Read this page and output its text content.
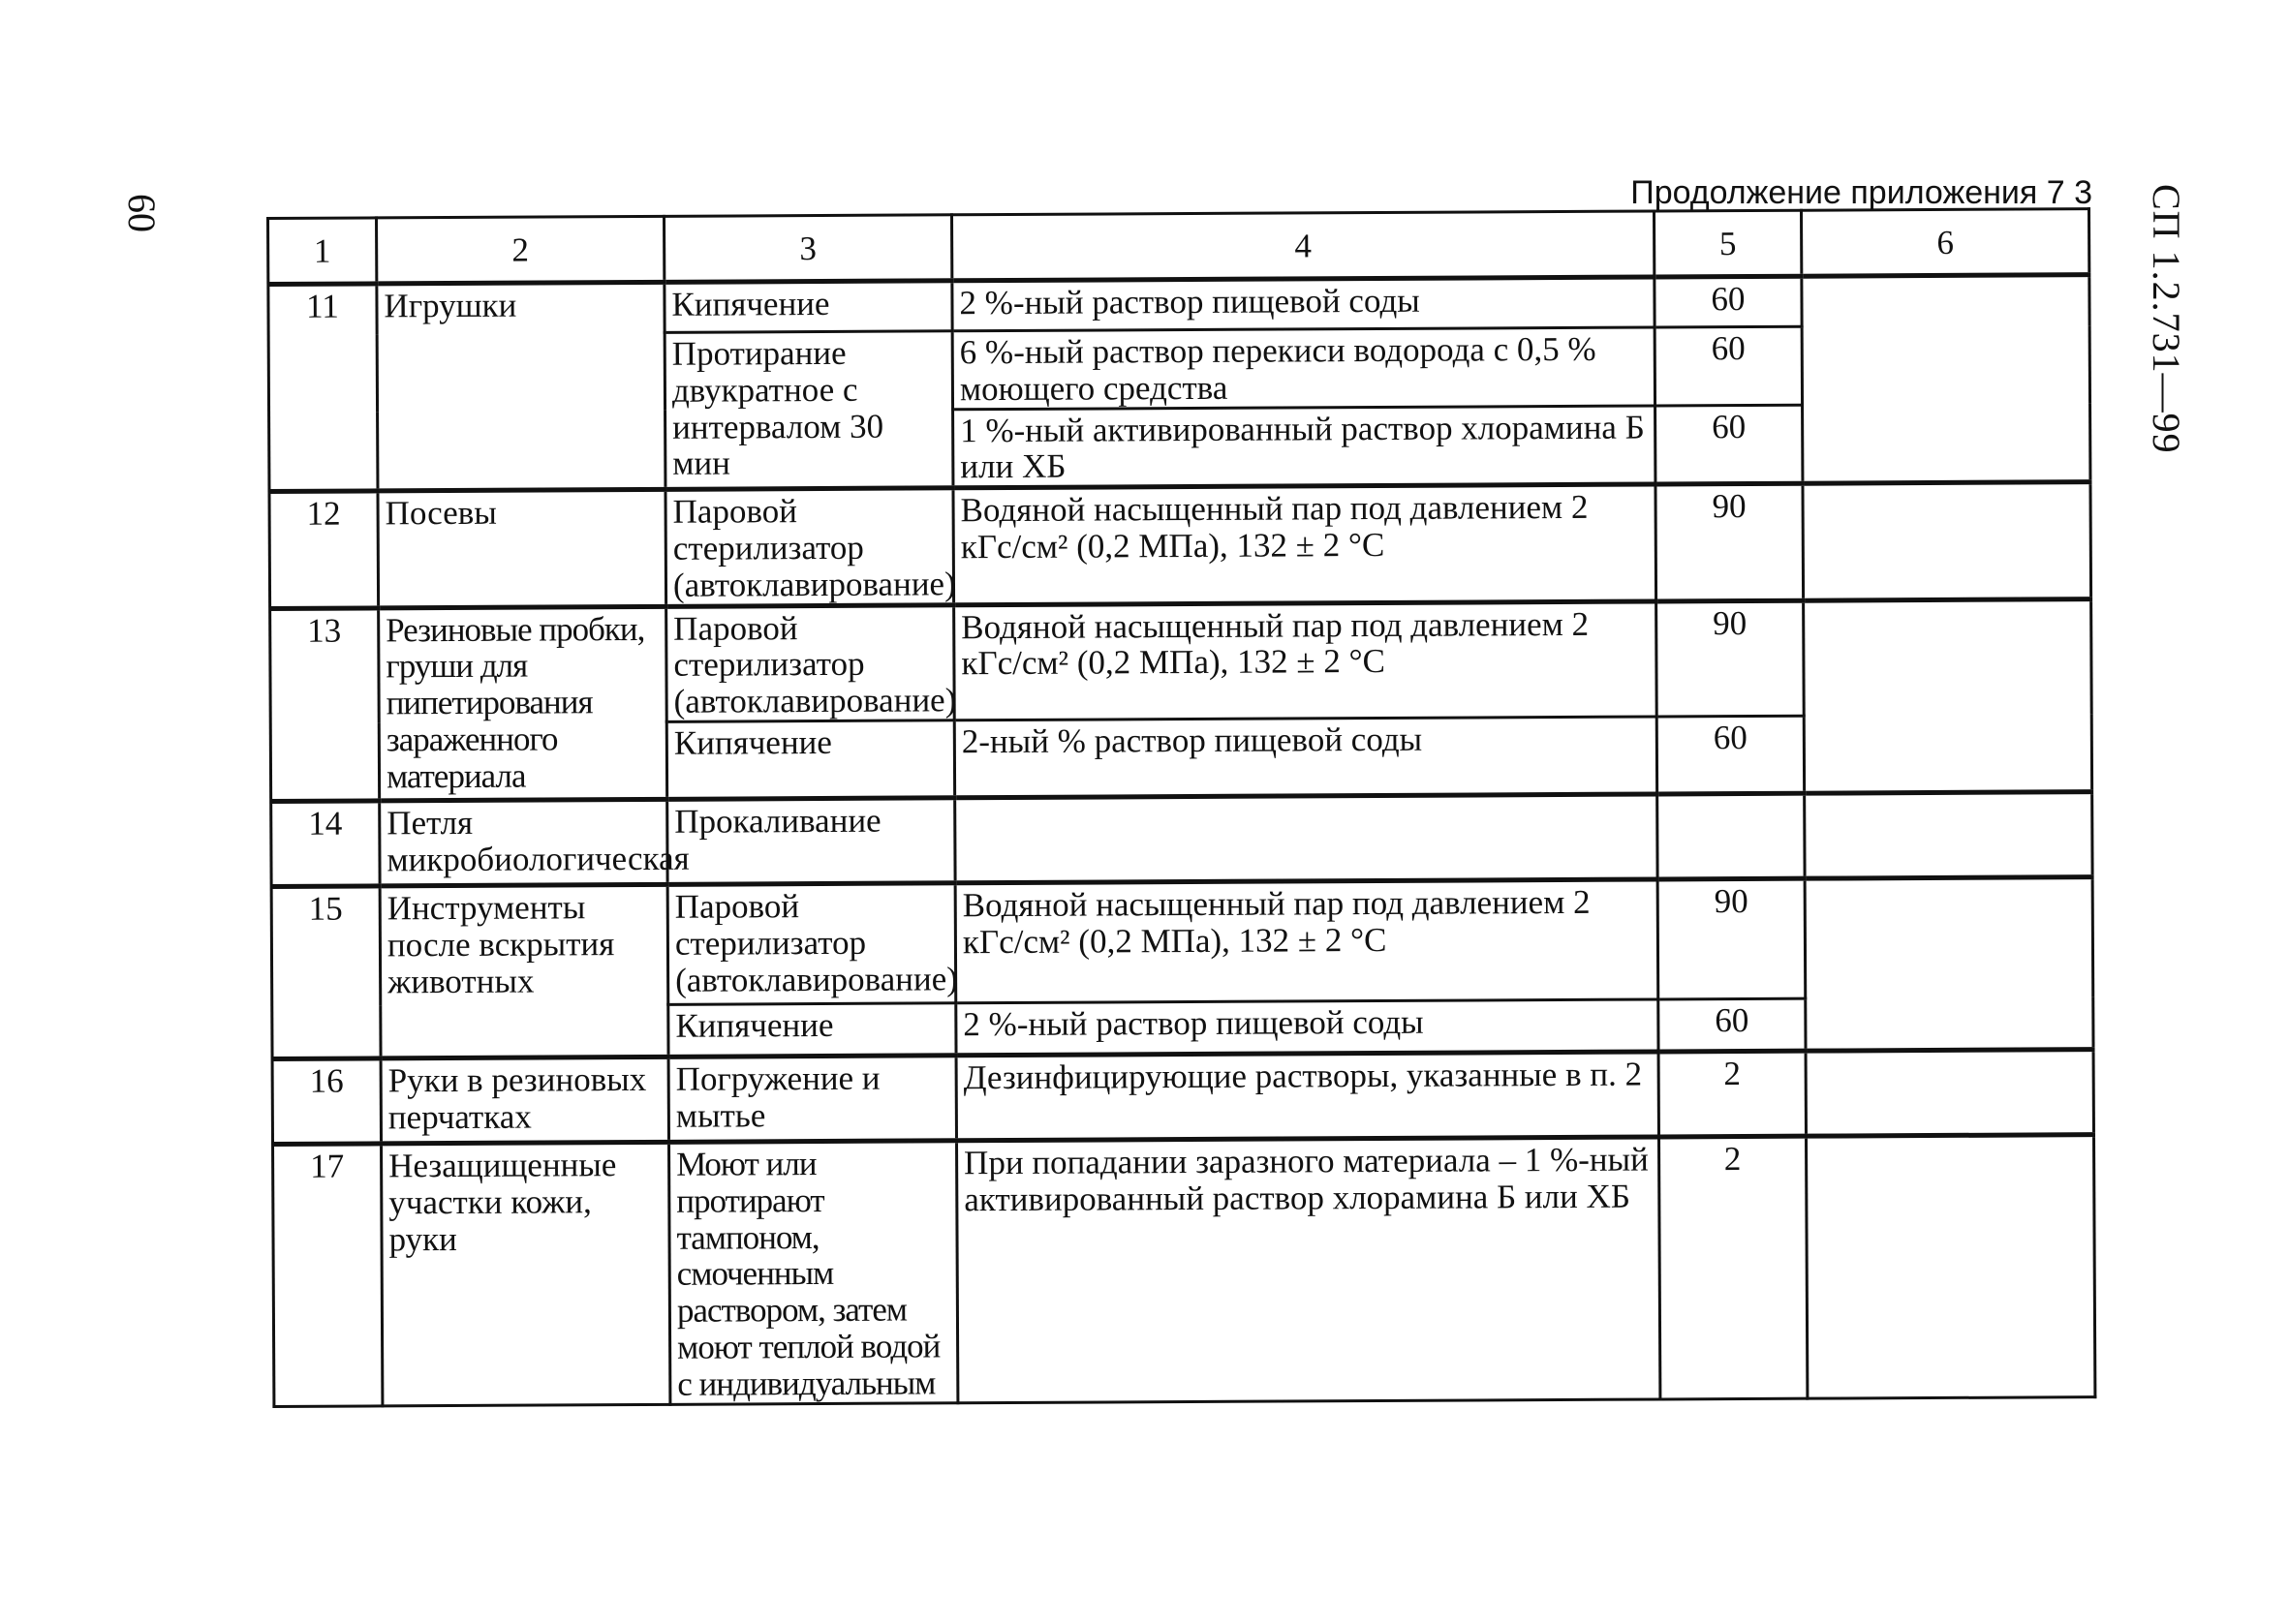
60
Продолжение приложения 7 3 СП 1.2.731—99
1	2	3	4	5	6
11	Игрушки	Кипячение	2 %-ный раствор пищевой соды	60	
		Протирание двукратное с интервалом 30 мин	6 %-ный раствор перекиси водорода с 0,5 % моющего средства	60	
			1 %-ный активированный раствор хлорамина Б или ХБ	60	
12	Посевы	Паровой стерилизатор (автоклавирование)	Водяной насыщенный пар под давлением 2 кГс/см² (0,2 МПа), 132 ± 2 °С	90	
13	Резиновые пробки, груши для пипетирования зараженного материала	Паровой стерилизатор (автоклавирование)	Водяной насыщенный пар под давлением 2 кГс/см² (0,2 МПа), 132 ± 2 °С	90	
		Кипячение	2-ный % раствор пищевой соды	60	
14	Петля микробиологическая	Прокаливание			
15	Инструменты после вскрытия животных	Паровой стерилизатор (автоклавирование)	Водяной насыщенный пар под давлением 2 кГс/см² (0,2 МПа), 132 ± 2 °С	90	
		Кипячение	2 %-ный раствор пищевой соды	60	
16	Руки в резиновых перчатках	Погружение и мытье	Дезинфицирующие растворы, указанные в п. 2	2	
17	Незащищенные участки кожи, руки	Моют или протирают тампоном, смоченным раствором, затем моют теплой водой с индивидуальным	При попадании заразного материала – 1 %-ный активированный раствор хлорамина Б или ХБ	2	
